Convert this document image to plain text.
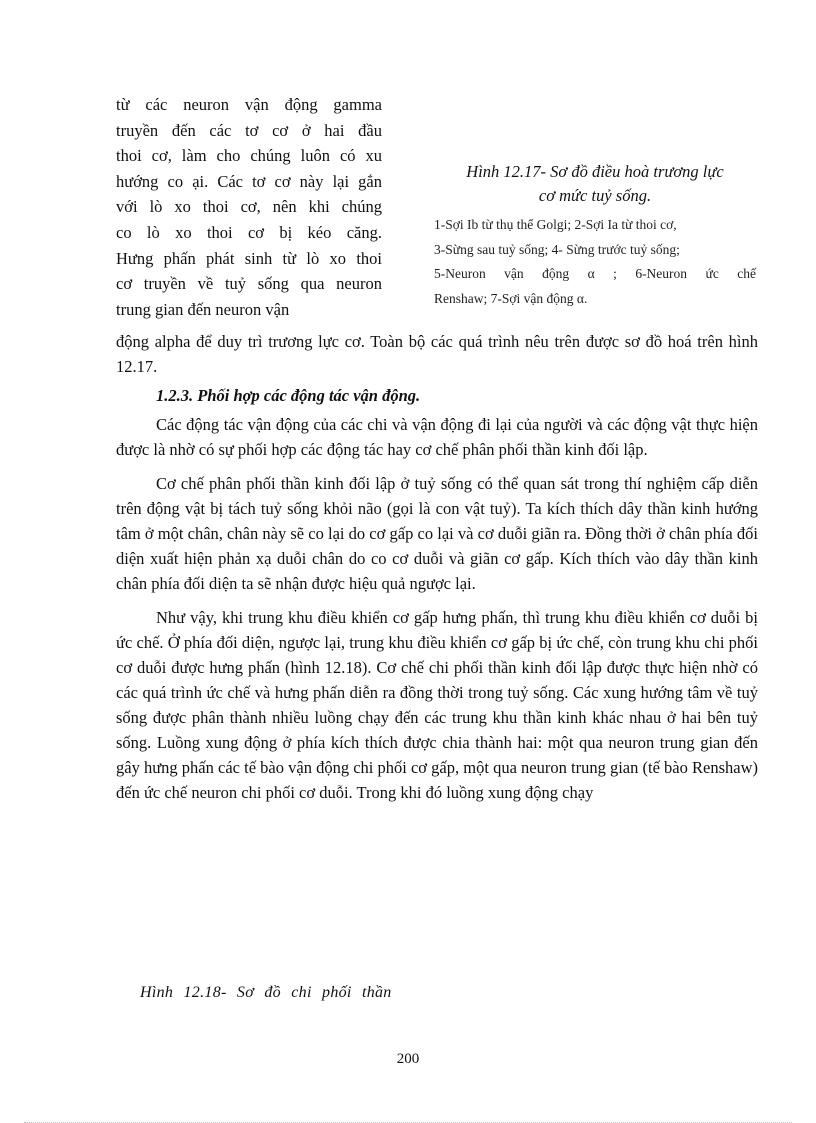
từ các neuron vận động gamma
truyền đến các tơ cơ ở hai đầu
thoi cơ, làm cho chúng luôn có xu
hướng co ại. Các tơ cơ này lại gắn
với lò xo thoi cơ, nên khi chúng
co lò xo thoi cơ bị kéo căng.
Hưng phấn phát sinh từ lò xo thoi
cơ truyền về tuỷ sống qua neuron
trung gian đến neuron vận
Hình 12.17- Sơ đồ điều hoà trương lực
cơ mức tuỷ sống.
1-Sợi Ib từ thụ thể Golgi; 2-Sợi Ia từ thoi cơ,
3-Sừng sau tuỷ sống; 4- Sừng trước tuỷ sống;
5-Neuron vận động α ; 6-Neuron ức chế
Renshaw; 7-Sợi vận động α.

động alpha để duy trì trương lực cơ. Toàn bộ các quá trình nêu trên được sơ đồ hoá trên hình 12.17.

1.2.3. Phối hợp các động tác vận động.

Các động tác vận động của các chi và vận động đi lại của người và các động vật thực hiện được là nhờ có sự phối hợp các động tác hay cơ chế phân phối thần kinh đối lập.

Cơ chế phân phối thần kinh đối lập ở tuỷ sống có thể quan sát trong thí nghiệm cấp diễn trên động vật bị tách tuỷ sống khỏi não (gọi là con vật tuỷ). Ta kích thích dây thần kinh hướng tâm ở một chân, chân này sẽ co lại do cơ gấp co lại và cơ duỗi giãn ra. Đồng thời ở chân phía đối diện xuất hiện phản xạ duỗi chân do co cơ duỗi và giãn cơ gấp. Kích thích vào dây thần kinh chân phía đối diện ta sẽ nhận được hiệu quả ngược lại.

Như vậy, khi trung khu điều khiển cơ gấp hưng phấn, thì trung khu điều khiển cơ duỗi bị ức chế. Ở phía đối diện, ngược lại, trung khu điều khiển cơ gấp bị ức chế, còn trung khu chi phối cơ duỗi được hưng phấn (hình 12.18). Cơ chế chi phối thần kinh đối lập được thực hiện nhờ có các quá trình ức chế và hưng phấn diễn ra đồng thời trong tuỷ sống. Các xung hướng tâm về tuỷ sống được phân thành nhiều luồng chạy đến các trung khu thần kinh khác nhau ở hai bên tuỷ sống. Luồng xung động ở phía kích thích được chia thành hai: một qua neuron trung gian đến gây hưng phấn các tế bào vận động chi phối cơ gấp, một qua neuron trung gian (tế bào Renshaw) đến ức chế neuron chi phối cơ duỗi. Trong khi đó luồng xung động chạy

Hình 12.18- Sơ đồ chi phối thần
200
